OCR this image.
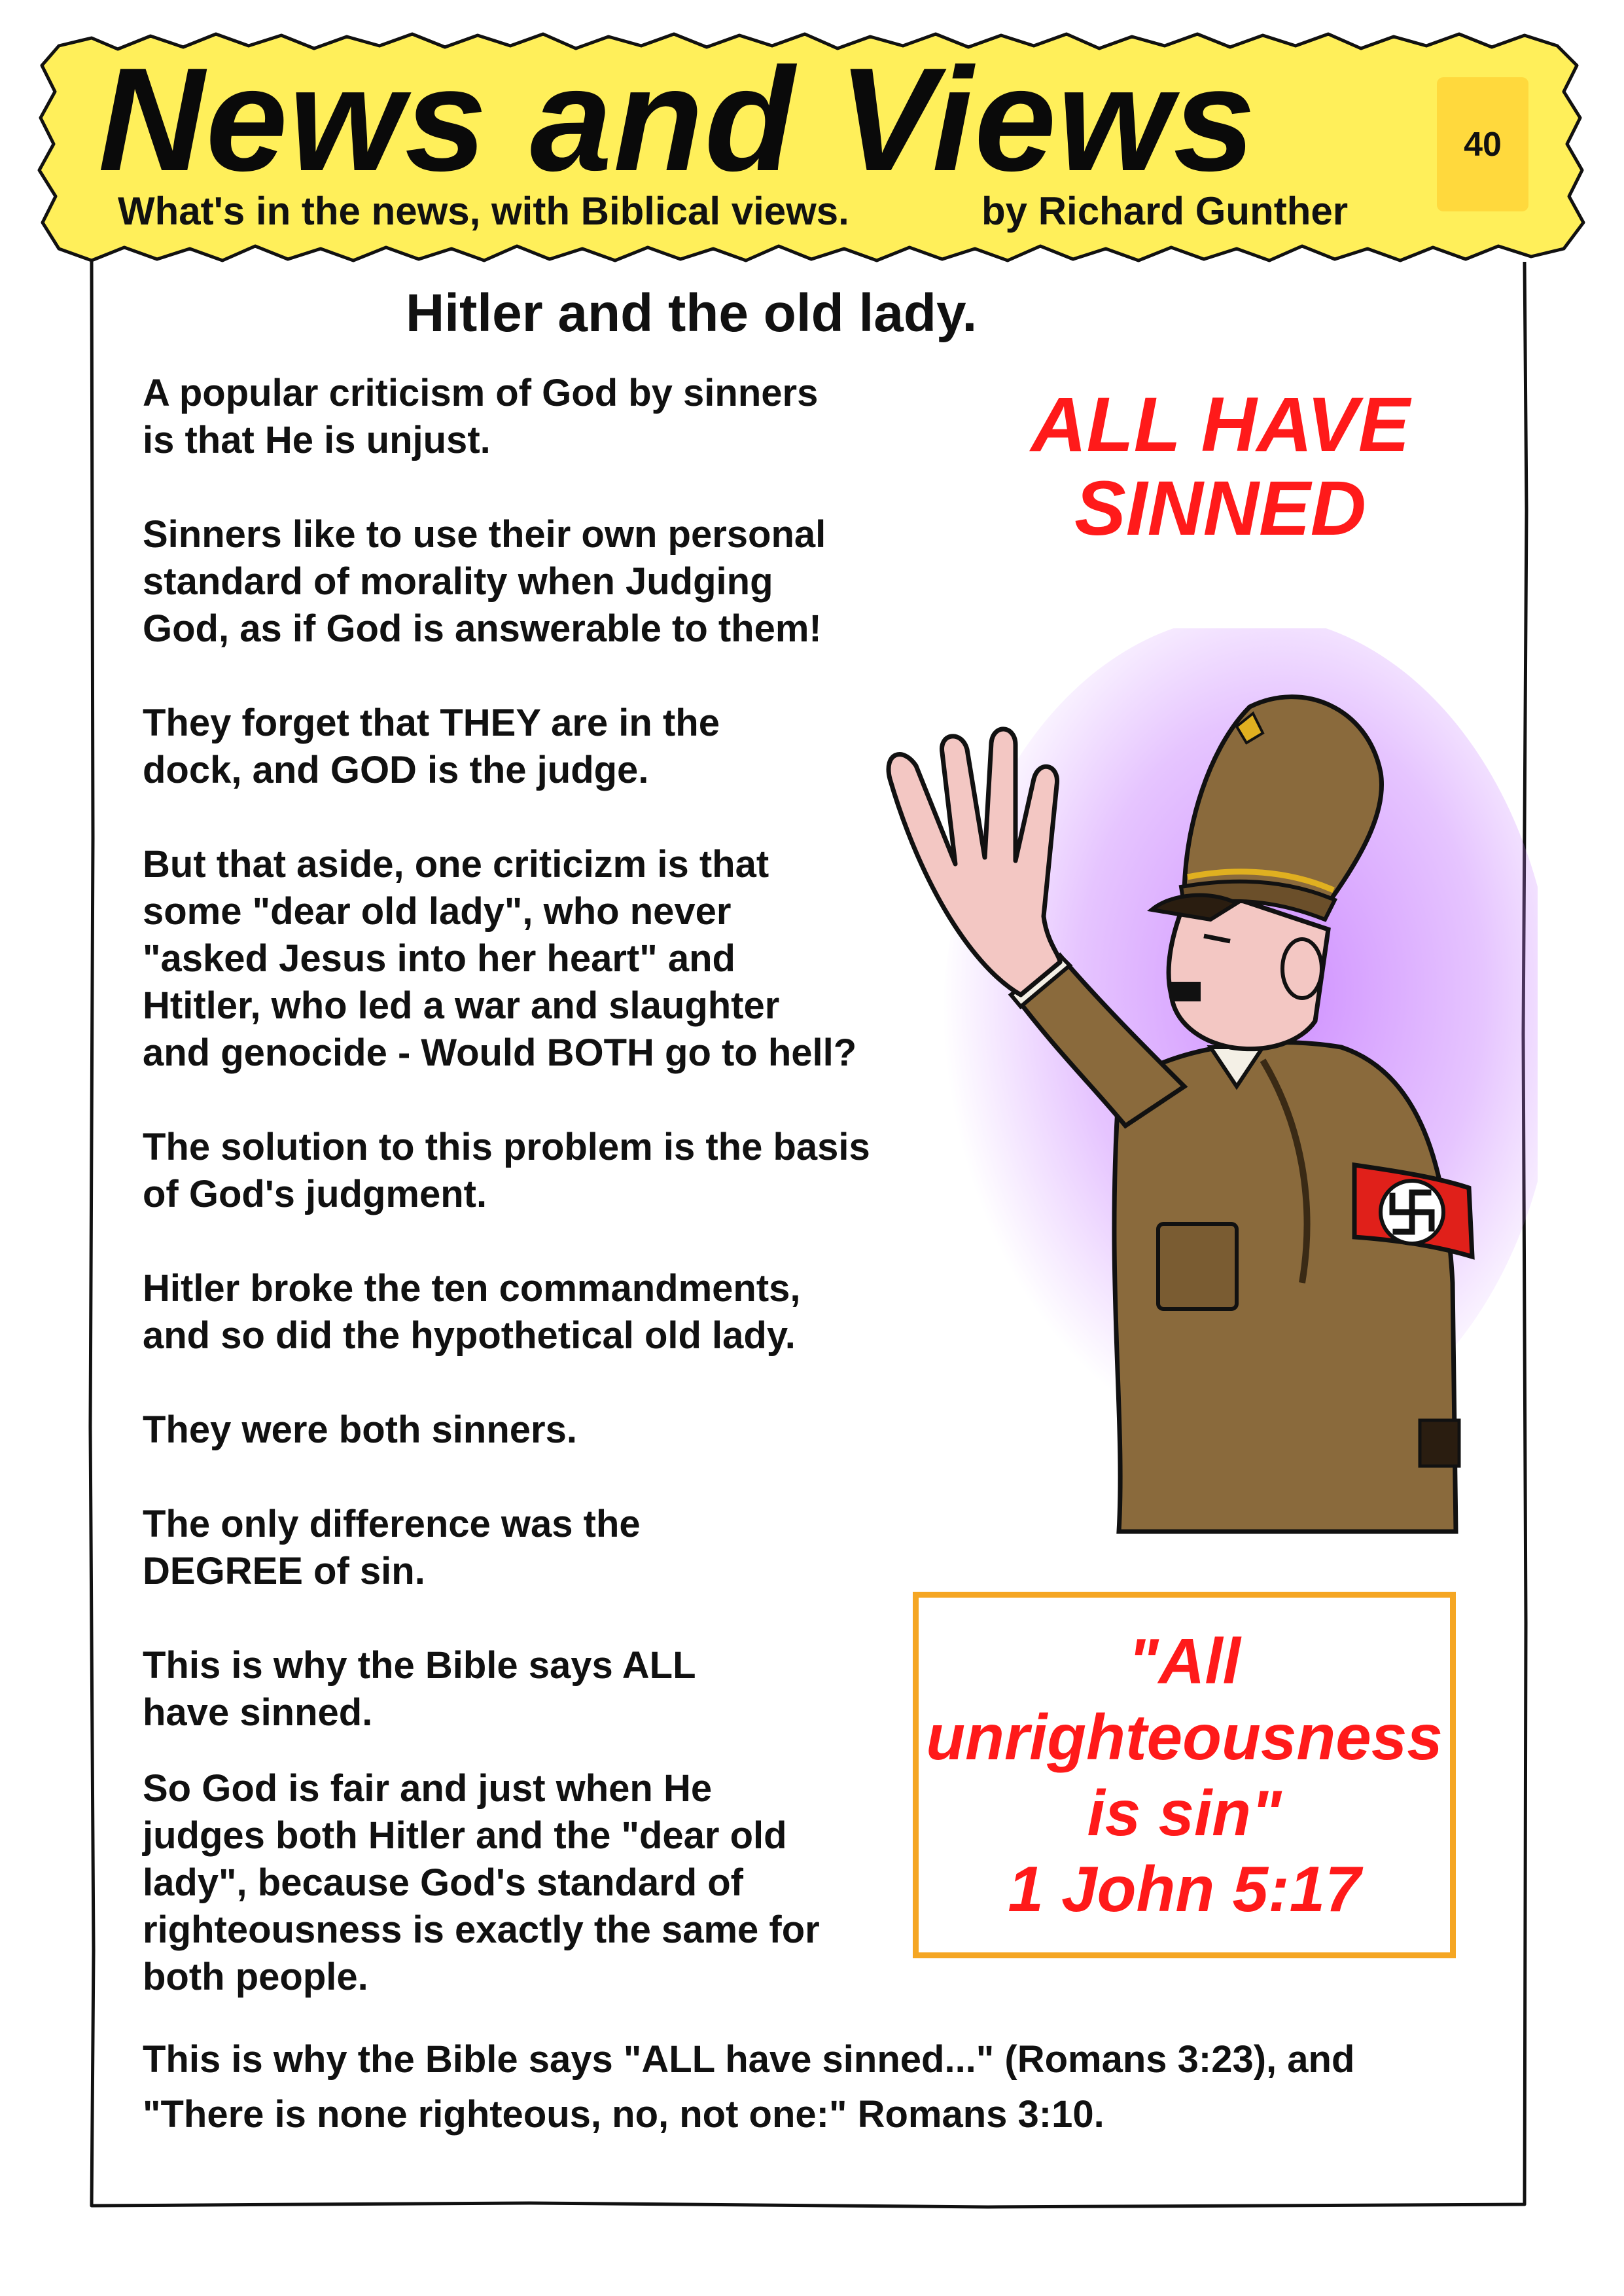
News and Views
What's in the news, with Biblical views.	by Richard Gunther
40
Hitler and the old lady.

A popular criticism of God by sinners
is that He is unjust.

Sinners like to use their own personal
standard of morality when Judging
God, as if God is answerable to them!

They forget that THEY are in the
dock, and GOD is the judge.

But that aside, one criticizm is that
some "dear old lady", who never
"asked Jesus into her heart" and
Htitler, who led a war and slaughter
and genocide - Would BOTH go to hell?

The solution to this problem is the basis
of God's judgment.

Hitler broke the ten commandments,
and so did the hypothetical old lady.

They were both sinners.

The only difference was the
DEGREE of sin.

This is why the Bible says ALL
have sinned.

So God is fair and just when He
judges both Hitler and the "dear old
lady", because God's standard of
righteousness is exactly the same for
both people.

This is why the Bible says "ALL have sinned..." (Romans 3:23), and
"There is none righteous, no, not one:" Romans 3:10.
ALL HAVE
SINNED
"All
unrighteousness
is sin"
1 John 5:17
